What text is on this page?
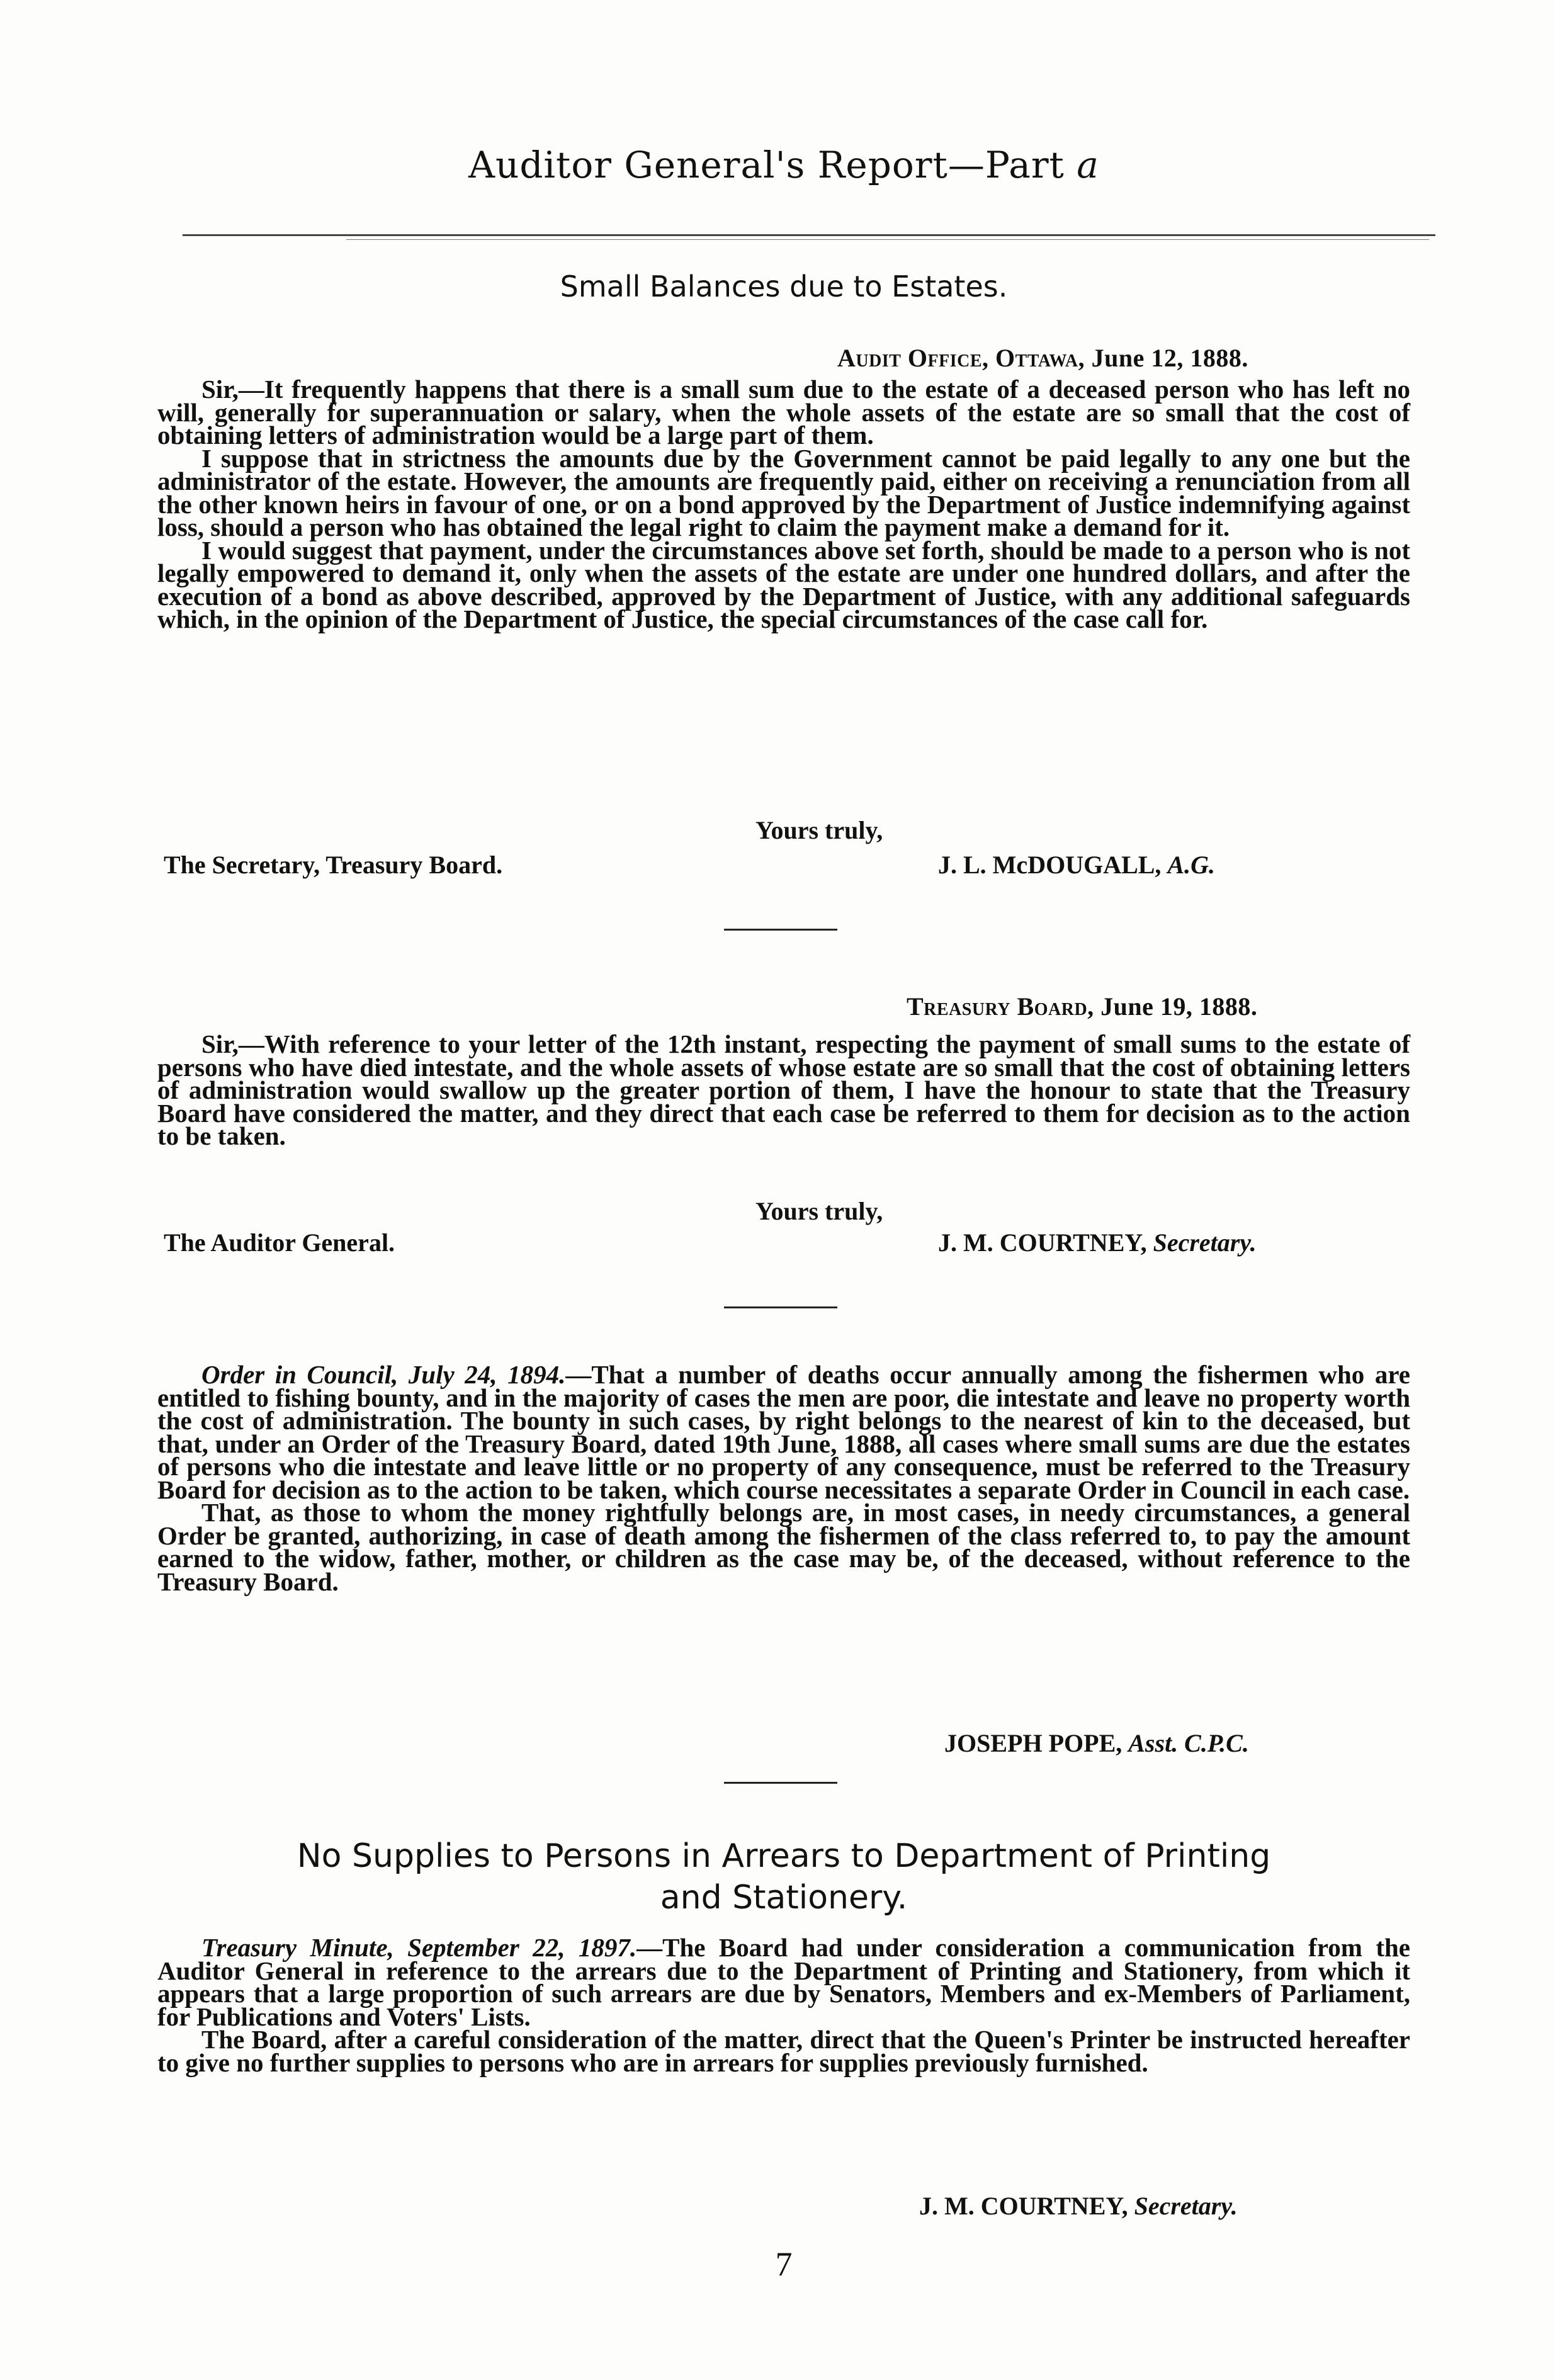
Auditor General's Report—Part a
Small Balances due to Estates.
Audit Office, Ottawa, June 12, 1888.

Sir,—It frequently happens that there is a small sum due to the estate of a deceased person who has left no will, generally for superannuation or salary, when the whole assets of the estate are so small that the cost of obtaining letters of administration would be a large part of them.

I suppose that in strictness the amounts due by the Government cannot be paid legally to any one but the administrator of the estate. However, the amounts are frequently paid, either on receiving a renunciation from all the other known heirs in favour of one, or on a bond approved by the Department of Justice indemnifying against loss, should a person who has obtained the legal right to claim the payment make a demand for it.

I would suggest that payment, under the circumstances above set forth, should be made to a person who is not legally empowered to demand it, only when the assets of the estate are under one hundred dollars, and after the execution of a bond as above described, approved by the Department of Justice, with any additional safeguards which, in the opinion of the Department of Justice, the special circumstances of the case call for.

Yours truly,
The Secretary, Treasury Board.	J. L. McDOUGALL, A.G.
Treasury Board, June 19, 1888.

Sir,—With reference to your letter of the 12th instant, respecting the payment of small sums to the estate of persons who have died intestate, and the whole assets of whose estate are so small that the cost of obtaining letters of administration would swallow up the greater portion of them, I have the honour to state that the Treasury Board have considered the matter, and they direct that each case be referred to them for decision as to the action to be taken.

Yours truly,
The Auditor General.	J. M. COURTNEY, Secretary.

Order in Council, July 24, 1894.—That a number of deaths occur annually among the fishermen who are entitled to fishing bounty, and in the majority of cases the men are poor, die intestate and leave no property worth the cost of administration. The bounty in such cases, by right belongs to the nearest of kin to the deceased, but that, under an Order of the Treasury Board, dated 19th June, 1888, all cases where small sums are due the estates of persons who die intestate and leave little or no property of any consequence, must be referred to the Treasury Board for decision as to the action to be taken, which course necessitates a separate Order in Council in each case.

That, as those to whom the money rightfully belongs are, in most cases, in needy circumstances, a general Order be granted, authorizing, in case of death among the fishermen of the class referred to, to pay the amount earned to the widow, father, mother, or children as the case may be, of the deceased, without reference to the Treasury Board.

JOSEPH POPE, Asst. C.P.C.
No Supplies to Persons in Arrears to Department of Printing
and Stationery.

Treasury Minute, September 22, 1897.—The Board had under consideration a communication from the Auditor General in reference to the arrears due to the Department of Printing and Stationery, from which it appears that a large proportion of such arrears are due by Senators, Members and ex-Members of Parliament, for Publications and Voters' Lists.

The Board, after a careful consideration of the matter, direct that the Queen's Printer be instructed hereafter to give no further supplies to persons who are in arrears for supplies previously furnished.

J. M. COURTNEY, Secretary.
7
